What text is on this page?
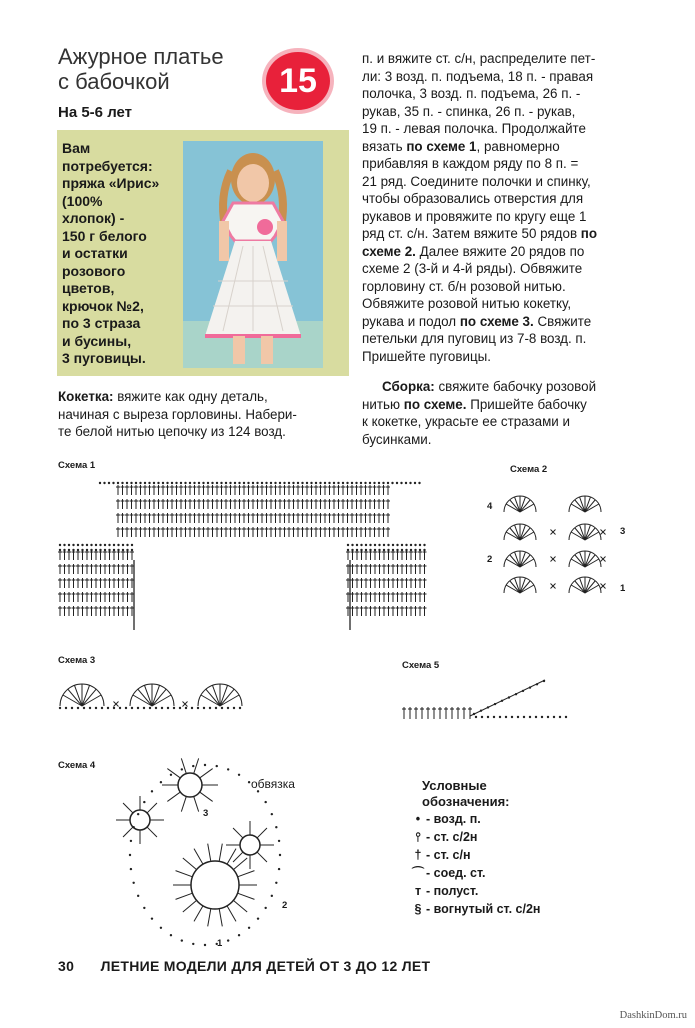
Ажурное платье
с бабочкой	15
На 5-6 лет
Вам
потребуется:
пряжа «Ирис»
(100%
хлопок) -
150 г белого
и остатки
розового
цветов,
крючок №2,
по 3 страза
и бусины,
3 пуговицы.
Кокетка: вяжите как одну деталь,
начиная с выреза горловины. Набери-
те белой нитью цепочку из 124 возд.
п. и вяжите ст. с/н, распределите пет-
ли: 3 возд. п. подъема, 18 п. - правая
полочка, 3 возд. п. подъема, 26 п. -
рукав, 35 п. - спинка, 26 п. - рукав,
19 п. - левая полочка. Продолжайте
вязать по схеме 1, равномерно
прибавляя в каждом ряду по 8 п. =
21 ряд. Соедините полочки и спинку,
чтобы образовались отверстия для
рукавов и провяжите по кругу еще 1
ряд ст. с/н. Затем вяжите 50 рядов по
схеме 2. Далее вяжите 20 рядов по
схеме 2 (3-й и 4-й ряды). Обвяжите
горловину ст. б/н розовой нитью.
Обвяжите розовой нитью кокетку,
рукава и подол по схеме 3. Свяжите
петельки для пуговиц из 7-8 возд. п.
Пришейте пуговицы.
Сборка: свяжите бабочку розовой
нитью по схеме. Пришейте бабочку
к кокетке, украсьте ее стразами и
бусинками.
Схема 1	Схема 2
Схема 3	Схема 5
Схема 4
4
3
2
1
обвязка
1
2
3
Условные
обозначения:
• - возд. п.
⫯ - ст. с/2н
† - ст. с/н
⌒ - соед. ст.
т - полуст.
§ - вогнутый ст. с/2н
30 ЛЕТНИЕ МОДЕЛИ ДЛЯ ДЕТЕЙ ОТ 3 ДО 12 ЛЕТ
DashkinDom.ru
